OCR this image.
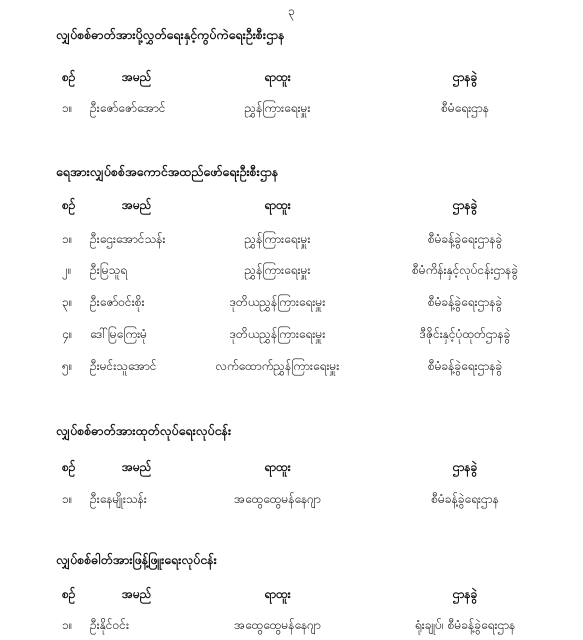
၃
လျှပ်စစ်ဓာတ်အားပို့လွှတ်ရေးနှင့်ကွပ်ကဲရေးဦးစီးဌာန
စဉ်	အမည်	ရာထူး	ဌာနခွဲ
၁။ ဦးဇော်ဇော်အောင်	ညွှန်ကြားရေးမှူး	စီမံရေးဌာန
ရေအားလျှပ်စစ်အကောင်အထည်ဖော်ရေးဦးစီးဌာန
စဉ်	အမည်	ရာထူး	ဌာနခွဲ
၁။ ဦးဌေးအောင်သန်း	ညွှန်ကြားရေးမှူး	စီမံခန့်ခွဲရေးဌာနခွဲ
၂။ ဦးမြသူရ	ညွှန်ကြားရေးမှူး	စီမံကိန်းနှင့်လုပ်ငန်းဌာနခွဲ
၃။ ဦးဇော်ဝင်းစိုး	ဒုတိယညွှန်ကြားရေးမှူး	စီမံခန့်ခွဲရေးဌာနခွဲ
၄။ ဒေါ်မြကြေးမုံ	ဒုတိယညွှန်ကြားရေးမှူး	ဒီဇိုင်းနှင့်ပုံထုတ်ဌာနခွဲ
၅။ ဦးမင်းသူအောင်	လက်ထောက်ညွှန်ကြားရေးမှူး	စီမံခန့်ခွဲရေးဌာနခွဲ
လျှပ်စစ်ဓာတ်အားထုတ်လုပ်ရေးလုပ်ငန်း
စဉ်	အမည်	ရာထူး	ဌာနခွဲ
၁။ ဦးနေမျိုးသန်း	အထွေထွေမန်နေဂျာ	စီမံခန့်ခွဲရေးဌာန
လျှပ်စစ်ဓါတ်အားဖြန့်ဖြူးရေးလုပ်ငန်း
စဉ်	အမည်	ရာထူး	ဌာနခွဲ
၁။ ဦးနိုင်ဝင်း	အထွေထွေမန်နေဂျာ	ရုံးချုပ်၊ စီမံခန့်ခွဲရေးဌာန
